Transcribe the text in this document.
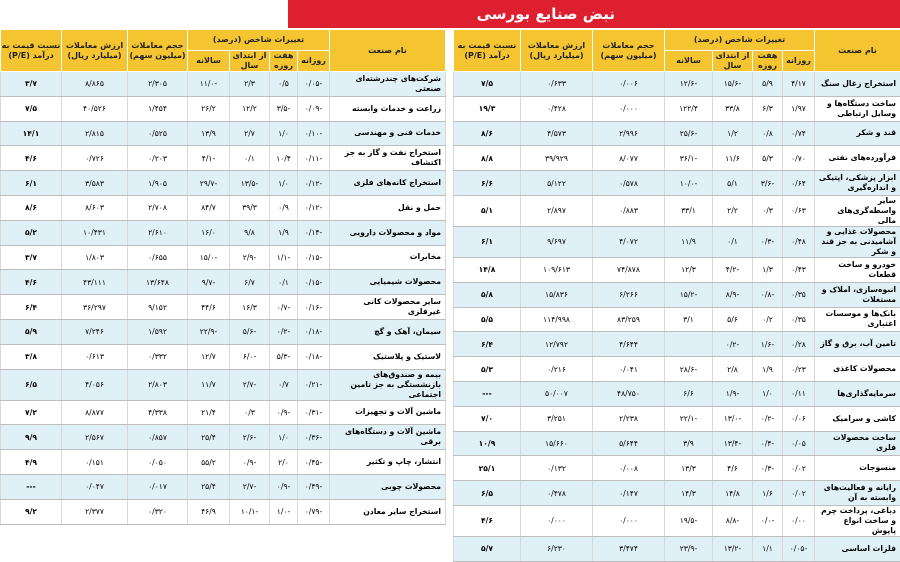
نبض صنایع بورسی
نام صنعت	تغییرات شاخص (درصد)				حجم معاملات (میلیون سهم)	ارزش معاملات (میلیارد ریال)	نسبت قیمت به درآمد (P/E)
	روزانه	هفت روزه	از ابتدای سال	سالانه			
استخراج زغال سنگ	۴/۱۷	۵/۹	-۱۵/۶	-۱۲/۶	۰/۰۰۶	۰/۶۳۳	۷/۵
ساخت دستگاه‌ها و وسایل ارتباطی	۱/۹۷	۶/۳	۳۳/۸	۱۲۲/۴	۰/۰۰۰	۰/۴۲۸	۱۹/۳
قند و شکر	۰/۷۴	۰/۸	۱/۲	-۲۵/۶	۲/۹۹۶	۴/۵۷۳	۸/۶
فرآورده‌های نفتی	۰/۷۰	۵/۳	۱۱/۶	-۳۶/۱	۸/۰۷۷	۳۹/۹۲۹	۸/۸
ابزار پزشکی، اپتیکی و اندازه‌گیری	۰/۶۴	-۳/۶	۵/۱	-۱۰/۰	۰/۵۷۸	۵/۱۲۲	۶/۶
سایر واسطه‌گری‌های مالی	۰/۶۳	۰/۳	۲/۲	۳۳/۱	۰/۸۸۳	۲/۸۹۷	۵/۱
محصولات غذایی و آشامیدنی به جز قند و شکر	۰/۴۸	-۰/۳	۰/۱	۱۱/۹	۴/۰۷۲	۹/۶۹۷	۶/۱
خودرو و ساخت قطعات	۰/۴۳	۱/۳	-۴/۲	۱۲/۳	۷۴/۸۷۸	۱۰۹/۶۱۳	۱۴/۸
انبوه‌سازی، املاک و مستغلات	۰/۳۵	-۰/۸	-۸/۹	-۱۵/۲	۶/۲۶۶	۱۵/۸۳۶	۵/۸
بانک‌ها و موسسات اعتباری	۰/۳۵	۰/۲	۵/۶	۳/۱	۸۳/۲۵۹	۱۱۴/۹۹۸	۵/۵
تامین آب، برق و گاز	۰/۲۸	-۱/۶	-۰/۲		۴/۶۴۴	۱۲/۷۹۲	۶/۴
محصولات کاغذی	۰/۲۳	۱/۹	۲/۸	-۲۸/۶	۰/۰۴۱	۰/۲۱۶	۵/۳
سرمایه‌گذاری‌ها	۰/۱۱	۱/۰	-۱/۹	۶/۶	۴۸/۷۵۰	۵۰/۰۰۷	---
کاشی و سرامیک	۰/۰۶	-۰/۲	-۱۳/۰	-۲۲/۱	۲/۲۳۸	۳/۲۵۱	۷/۰
ساخت محصولات فلزی	۰/۰۵	-۰/۴	-۱۳/۴	۳/۹	۵/۶۴۴	۱۵/۶۶۰	۱۰/۹
منسوجات	۰/۰۲	-۰/۳	۴/۶	۱۳/۳	۰/۰۰۸	۰/۱۳۲	۲۵/۱
رایانه و فعالیت‌های وابسته به آن	۰/۰۲	۱/۶	۱۴/۸	۱۴/۳	۰/۱۴۷	۰/۴۷۸	۶/۵
دباغی، پرداخت چرم و ساخت انواع پاپوش	۰/۰۰	-۰/۰	-۸/۸	-۱۹/۵	۰/۰۰۰	۰/۰۰۰	۴/۶
فلزات اساسی	-۰/۰۵	۱/۱	-۱۳/۲	-۲۳/۹	۳/۴۷۴	۶/۲۳۰	۵/۷
نام صنعت	تغییرات شاخص (درصد)				حجم معاملات (میلیون سهم)	ارزش معاملات (میلیارد ریال)	نسبت قیمت به درآمد (P/E)
	روزانه	هفت روزه	از ابتدای سال	سالانه			
شرکت‌های چندرشته‌ای صنعتی	-۰/۰۵	۰/۵	۲/۳	-۱۱/۰	۲/۳۰۵	۸/۸۶۵	۳/۷
زراعت و خدمات وابسته	-۰/۰۹	-۳/۵	۱۲/۲	۲۶/۲	۱/۴۵۴	۴۰/۵۲۶	۷/۵
خدمات فنی و مهندسی	-۰/۱۰	۱/۰	۲/۷	۱۳/۹	۰/۵۲۵	۲/۸۱۵	۱۴/۱
استخراج نفت و گاز به جز اکتشاف	-۰/۱۱	۱۰/۴	۰/۱	-۴/۱	۰/۲۰۳	۰/۷۲۶	۴/۶
استخراج کانه‌های فلزی	-۰/۱۲	۱/۰	-۱۳/۵	-۲۹/۷	۱/۹۰۵	۳/۵۸۳	۶/۱
حمل و نقل	-۰/۱۲	۰/۹	۳۹/۳	۸۴/۷	۲/۷۰۸	۸/۶۰۳	۸/۶
مواد و محصولات دارویی	-۰/۱۴	۱/۹	۹/۸	۱۶/۰	۲/۶۱۰	۱۰/۴۳۱	۵/۲
مخابرات	-۰/۱۵	-۱/۱	-۲/۹	-۱۵/۰	۰/۶۵۵	۱/۸۰۳	۳/۷
محصولات شیمیایی	-۰/۱۵	۰/۱	۶/۷	-۹/۷	۱۳/۶۴۸	۴۳/۱۱۱	۴/۶
سایر محصولات کانی غیرفلزی	-۰/۱۶	-۰/۷	۱۶/۳	۴۴/۶	۹/۱۵۲	۳۶/۲۹۷	۶/۴
سیمان، آهک و گچ	-۰/۱۸	-۰/۲	-۵/۶	-۲۲/۹	۱/۵۹۲	۷/۲۴۶	۵/۹
لاستیک و پلاستیک	-۰/۱۸	-۵/۳	-۶/۰	۱۲/۷	۰/۳۳۲	۰/۶۱۳	۳/۸
بیمه و صندوق‌های بازنشستگی به جز تامین اجتماعی	-۰/۲۱	۰/۷	-۲/۷	۱۱/۷	۲/۸۰۳	۴/۰۵۶	۶/۵
ماشین آلات و تجهیزات	-۰/۳۱	-۰/۹	۰/۳	۲۱/۴	۴/۳۳۸	۸/۸۷۷	۷/۲
ماشین آلات و دستگاه‌های برقی	-۰/۳۶	۱/۰	-۲/۶	۲۵/۴	۰/۸۵۷	۲/۵۶۷	۹/۹
انتشار، چاپ و تکثیر	-۰/۴۵	۲/۰	-۰/۹	۵۵/۲	۰/۰۵۰	۰/۱۵۱	۴/۹
محصولات چوبی	-۰/۴۹	-۰/۹	-۲/۷	۲۵/۴	۰/۰۱۷	۰/۰۴۷	---
استخراج سایر معادن	-۰/۷۹	-۱/۰	-۱۰/۱	۴۶/۹	۰/۳۲۰	۲/۳۷۷	۹/۲
